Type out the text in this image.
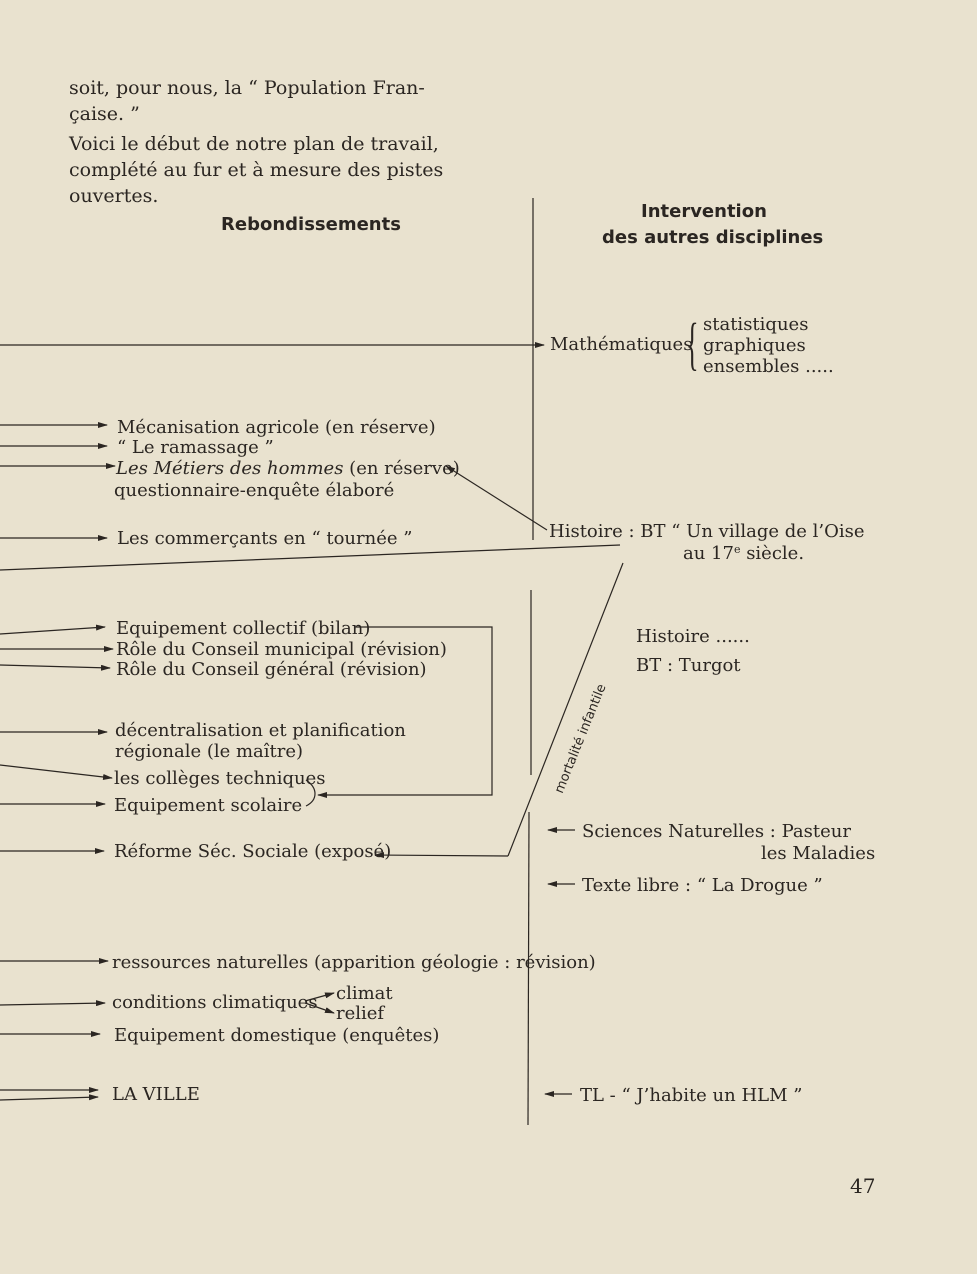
soit, pour nous, la “ Population Fran-
çaise. ”
Voici le début de notre plan de travail,
complété au fur et à mesure des pistes
ouvertes.
Rebondissements
Intervention
des autres disciplines
Mécanisation agricole (en réserve)
“ Le ramassage ”
Les Métiers des hommes (en réserve)
questionnaire-enquête élaboré
Les commerçants en “ tournée ”
Equipement collectif (bilan)
Rôle du Conseil municipal (révision)
Rôle du Conseil général (révision)
décentralisation et planification
régionale (le maître)
les collèges techniques
Equipement scolaire
Réforme Séc. Sociale (exposé)
ressources naturelles (apparition géologie : révision)
conditions climatiques climat
relief
Equipement domestique (enquêtes)
LA VILLE
Mathématiques
{ statistiques
graphiques
ensembles .....
Histoire : BT “ Un village de l’Oise
au 17e siècle.
Histoire ......
BT : Turgot
mortalité infantile
Sciences Naturelles : Pasteur
les Maladies
Texte libre : “ La Drogue ”
TL - “ J’habite un HLM ”
47
